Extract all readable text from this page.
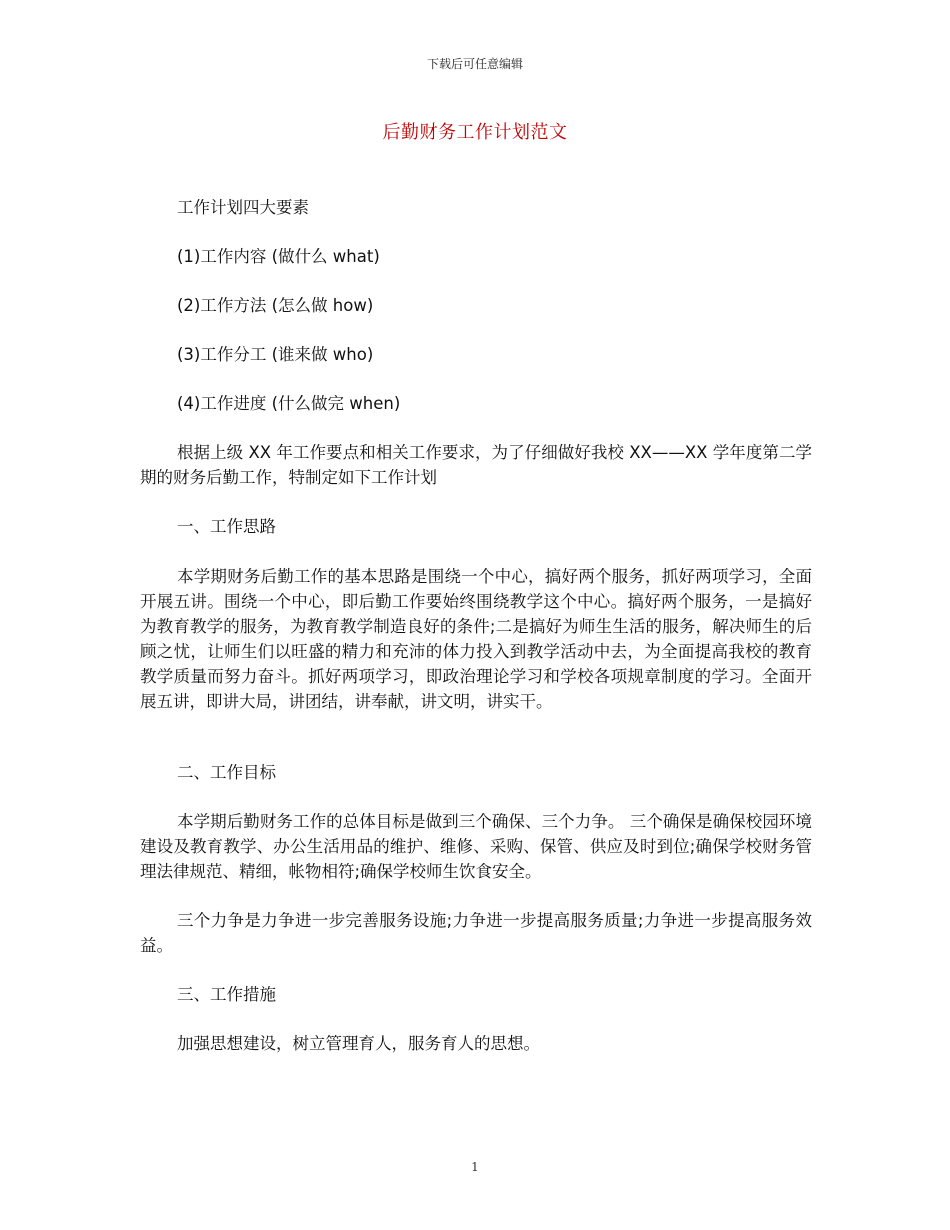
下载后可任意编辑
后勤财务工作计划范文
工作计划四大要素
(1)工作内容 (做什么 what)
(2)工作方法 (怎么做 how)
(3)工作分工 (谁来做 who)
(4)工作进度 (什么做完 when)
根据上级 XX 年工作要点和相关工作要求，为了仔细做好我校 XX——XX 学年度第二学期的财务后勤工作，特制定如下工作计划
一、工作思路
本学期财务后勤工作的基本思路是围绕一个中心，搞好两个服务，抓好两项学习，全面开展五讲。围绕一个中心，即后勤工作要始终围绕教学这个中心。搞好两个服务，一是搞好为教育教学的服务，为教育教学制造良好的条件;二是搞好为师生生活的服务，解决师生的后顾之忧，让师生们以旺盛的精力和充沛的体力投入到教学活动中去，为全面提高我校的教育教学质量而努力奋斗。抓好两项学习，即政治理论学习和学校各项规章制度的学习。全面开展五讲，即讲大局，讲团结，讲奉献，讲文明，讲实干。
二、工作目标
本学期后勤财务工作的总体目标是做到三个确保、三个力争。 三个确保是确保校园环境建设及教育教学、办公生活用品的维护、维修、采购、保管、供应及时到位;确保学校财务管理法律规范、精细，帐物相符;确保学校师生饮食安全。
三个力争是力争进一步完善服务设施;力争进一步提高服务质量;力争进一步提高服务效益。
三、工作措施
加强思想建设，树立管理育人，服务育人的思想。
1
